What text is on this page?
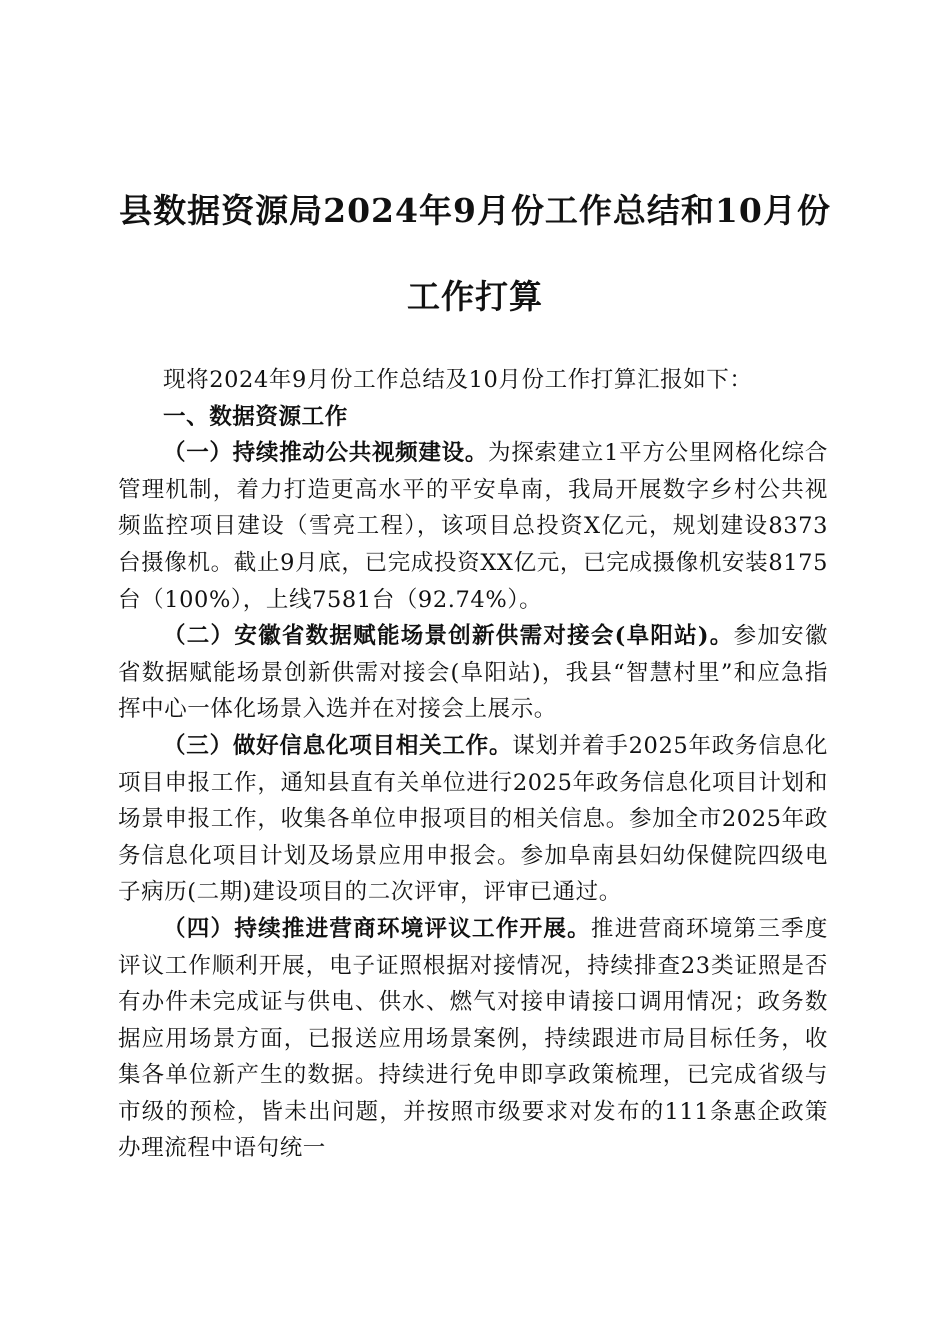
县数据资源局2024年9月份工作总结和10月份工作打算

现将2024年9月份工作总结及10月份工作打算汇报如下：

一、数据资源工作

（一）持续推动公共视频建设。为探索建立1平方公里网格化综合管理机制，着力打造更高水平的平安阜南，我局开展数字乡村公共视频监控项目建设（雪亮工程），该项目总投资X亿元，规划建设8373台摄像机。截止9月底，已完成投资XX亿元，已完成摄像机安装8175台（100%），上线7581台（92.74%）。

（二）安徽省数据赋能场景创新供需对接会(阜阳站)。参加安徽省数据赋能场景创新供需对接会(阜阳站)，我县“智慧村里”和应急指挥中心一体化场景入选并在对接会上展示。

（三）做好信息化项目相关工作。谋划并着手2025年政务信息化项目申报工作，通知县直有关单位进行2025年政务信息化项目计划和场景申报工作，收集各单位申报项目的相关信息。参加全市2025年政务信息化项目计划及场景应用申报会。参加阜南县妇幼保健院四级电子病历(二期)建设项目的二次评审，评审已通过。

（四）持续推进营商环境评议工作开展。推进营商环境第三季度评议工作顺利开展，电子证照根据对接情况，持续排查23类证照是否有办件未完成证与供电、供水、燃气对接申请接口调用情况；政务数据应用场景方面，已报送应用场景案例，持续跟进市局目标任务，收集各单位新产生的数据。持续进行免申即享政策梳理，已完成省级与市级的预检，皆未出问题，并按照市级要求对发布的111条惠企政策办理流程中语句统一
